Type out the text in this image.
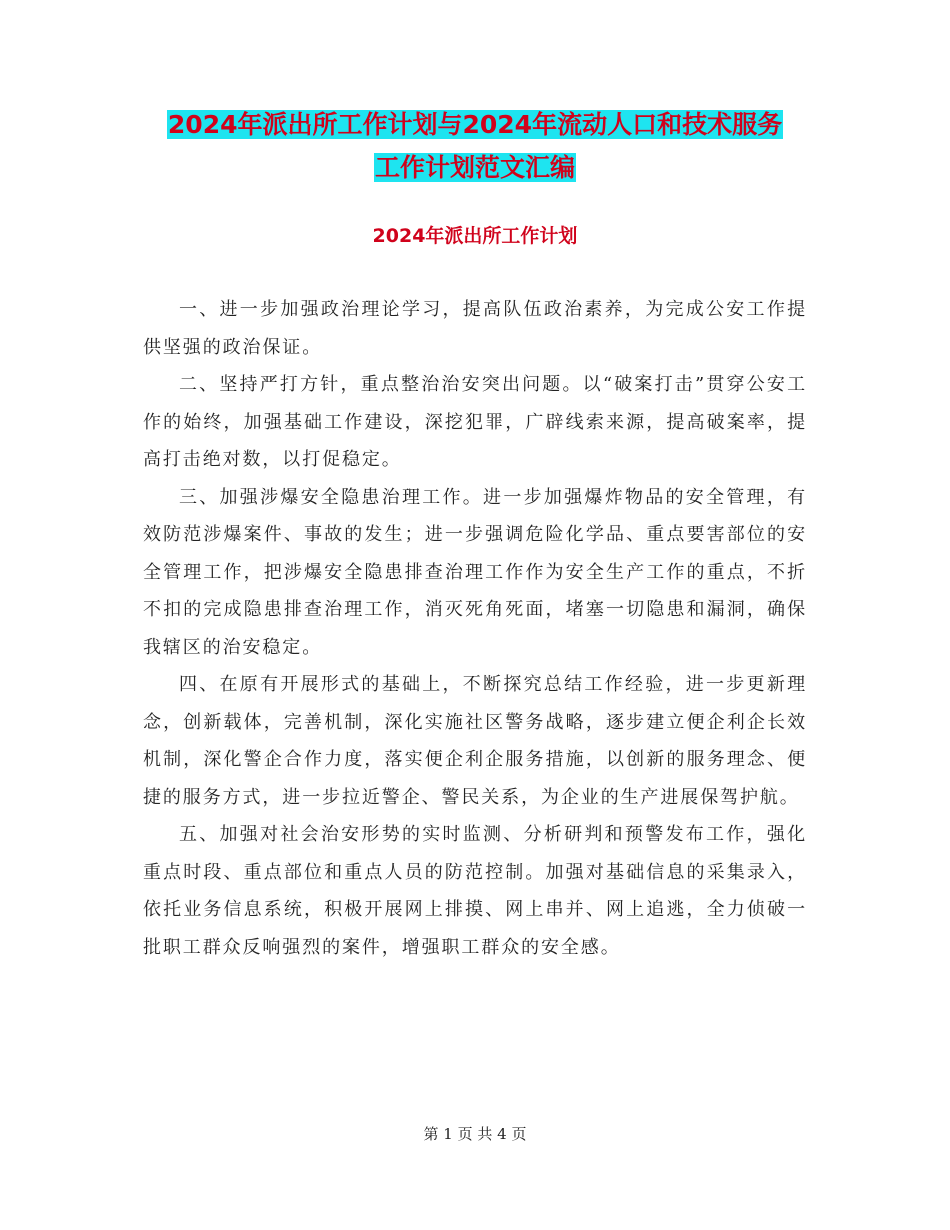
2024年派出所工作计划与2024年流动人口和技术服务
工作计划范文汇编
2024年派出所工作计划

一、进一步加强政治理论学习，提高队伍政治素养，为完成公安工作提供坚强的政治保证。

二、坚持严打方针，重点整治治安突出问题。以“破案打击”贯穿公安工作的始终，加强基础工作建设，深挖犯罪，广辟线索来源，提高破案率，提高打击绝对数，以打促稳定。

三、加强涉爆安全隐患治理工作。进一步加强爆炸物品的安全管理，有效防范涉爆案件、事故的发生；进一步强调危险化学品、重点要害部位的安全管理工作，把涉爆安全隐患排查治理工作作为安全生产工作的重点，不折不扣的完成隐患排查治理工作，消灭死角死面，堵塞一切隐患和漏洞，确保我辖区的治安稳定。

四、在原有开展形式的基础上，不断探究总结工作经验，进一步更新理念，创新载体，完善机制，深化实施社区警务战略，逐步建立便企利企长效机制，深化警企合作力度，落实便企利企服务措施，以创新的服务理念、便捷的服务方式，进一步拉近警企、警民关系，为企业的生产进展保驾护航。

五、加强对社会治安形势的实时监测、分析研判和预警发布工作，强化重点时段、重点部位和重点人员的防范控制。加强对基础信息的采集录入，依托业务信息系统，积极开展网上排摸、网上串并、网上追逃，全力侦破一批职工群众反响强烈的案件，增强职工群众的安全感。

第 1 页 共 4 页
